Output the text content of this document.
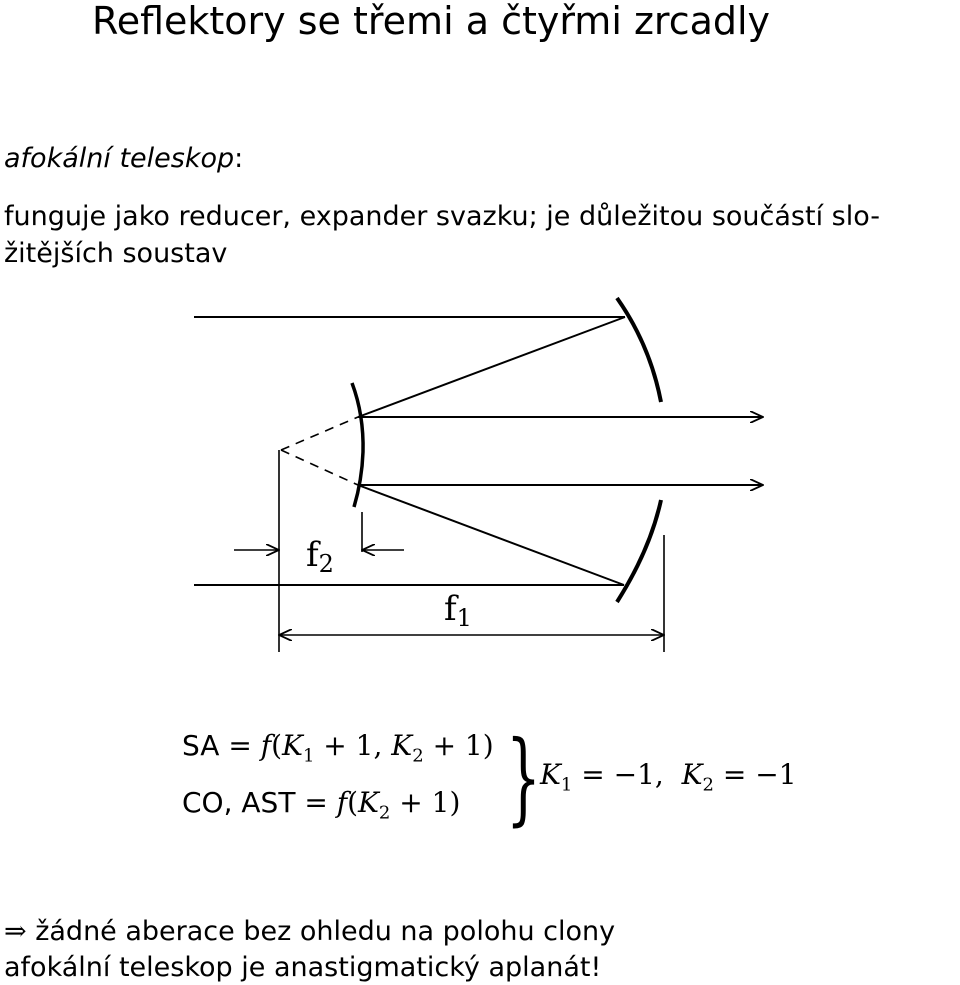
Reflektory se třemi a čtyřmi zrcadly
afokální teleskop:
funguje jako reducer, expander svazku; je důležitou součástí slo-
žitějších soustav
f2
f1
SA = $f(K_1 + 1$, $K_2 + 1$)
CO, AST = $f(K_2 + 1)$ } $K_1 = -1$,  $K_2 = -1$
⇒ žádné aberace bez ohledu na polohu clony
afokální teleskop je anastigmatický aplanát!
